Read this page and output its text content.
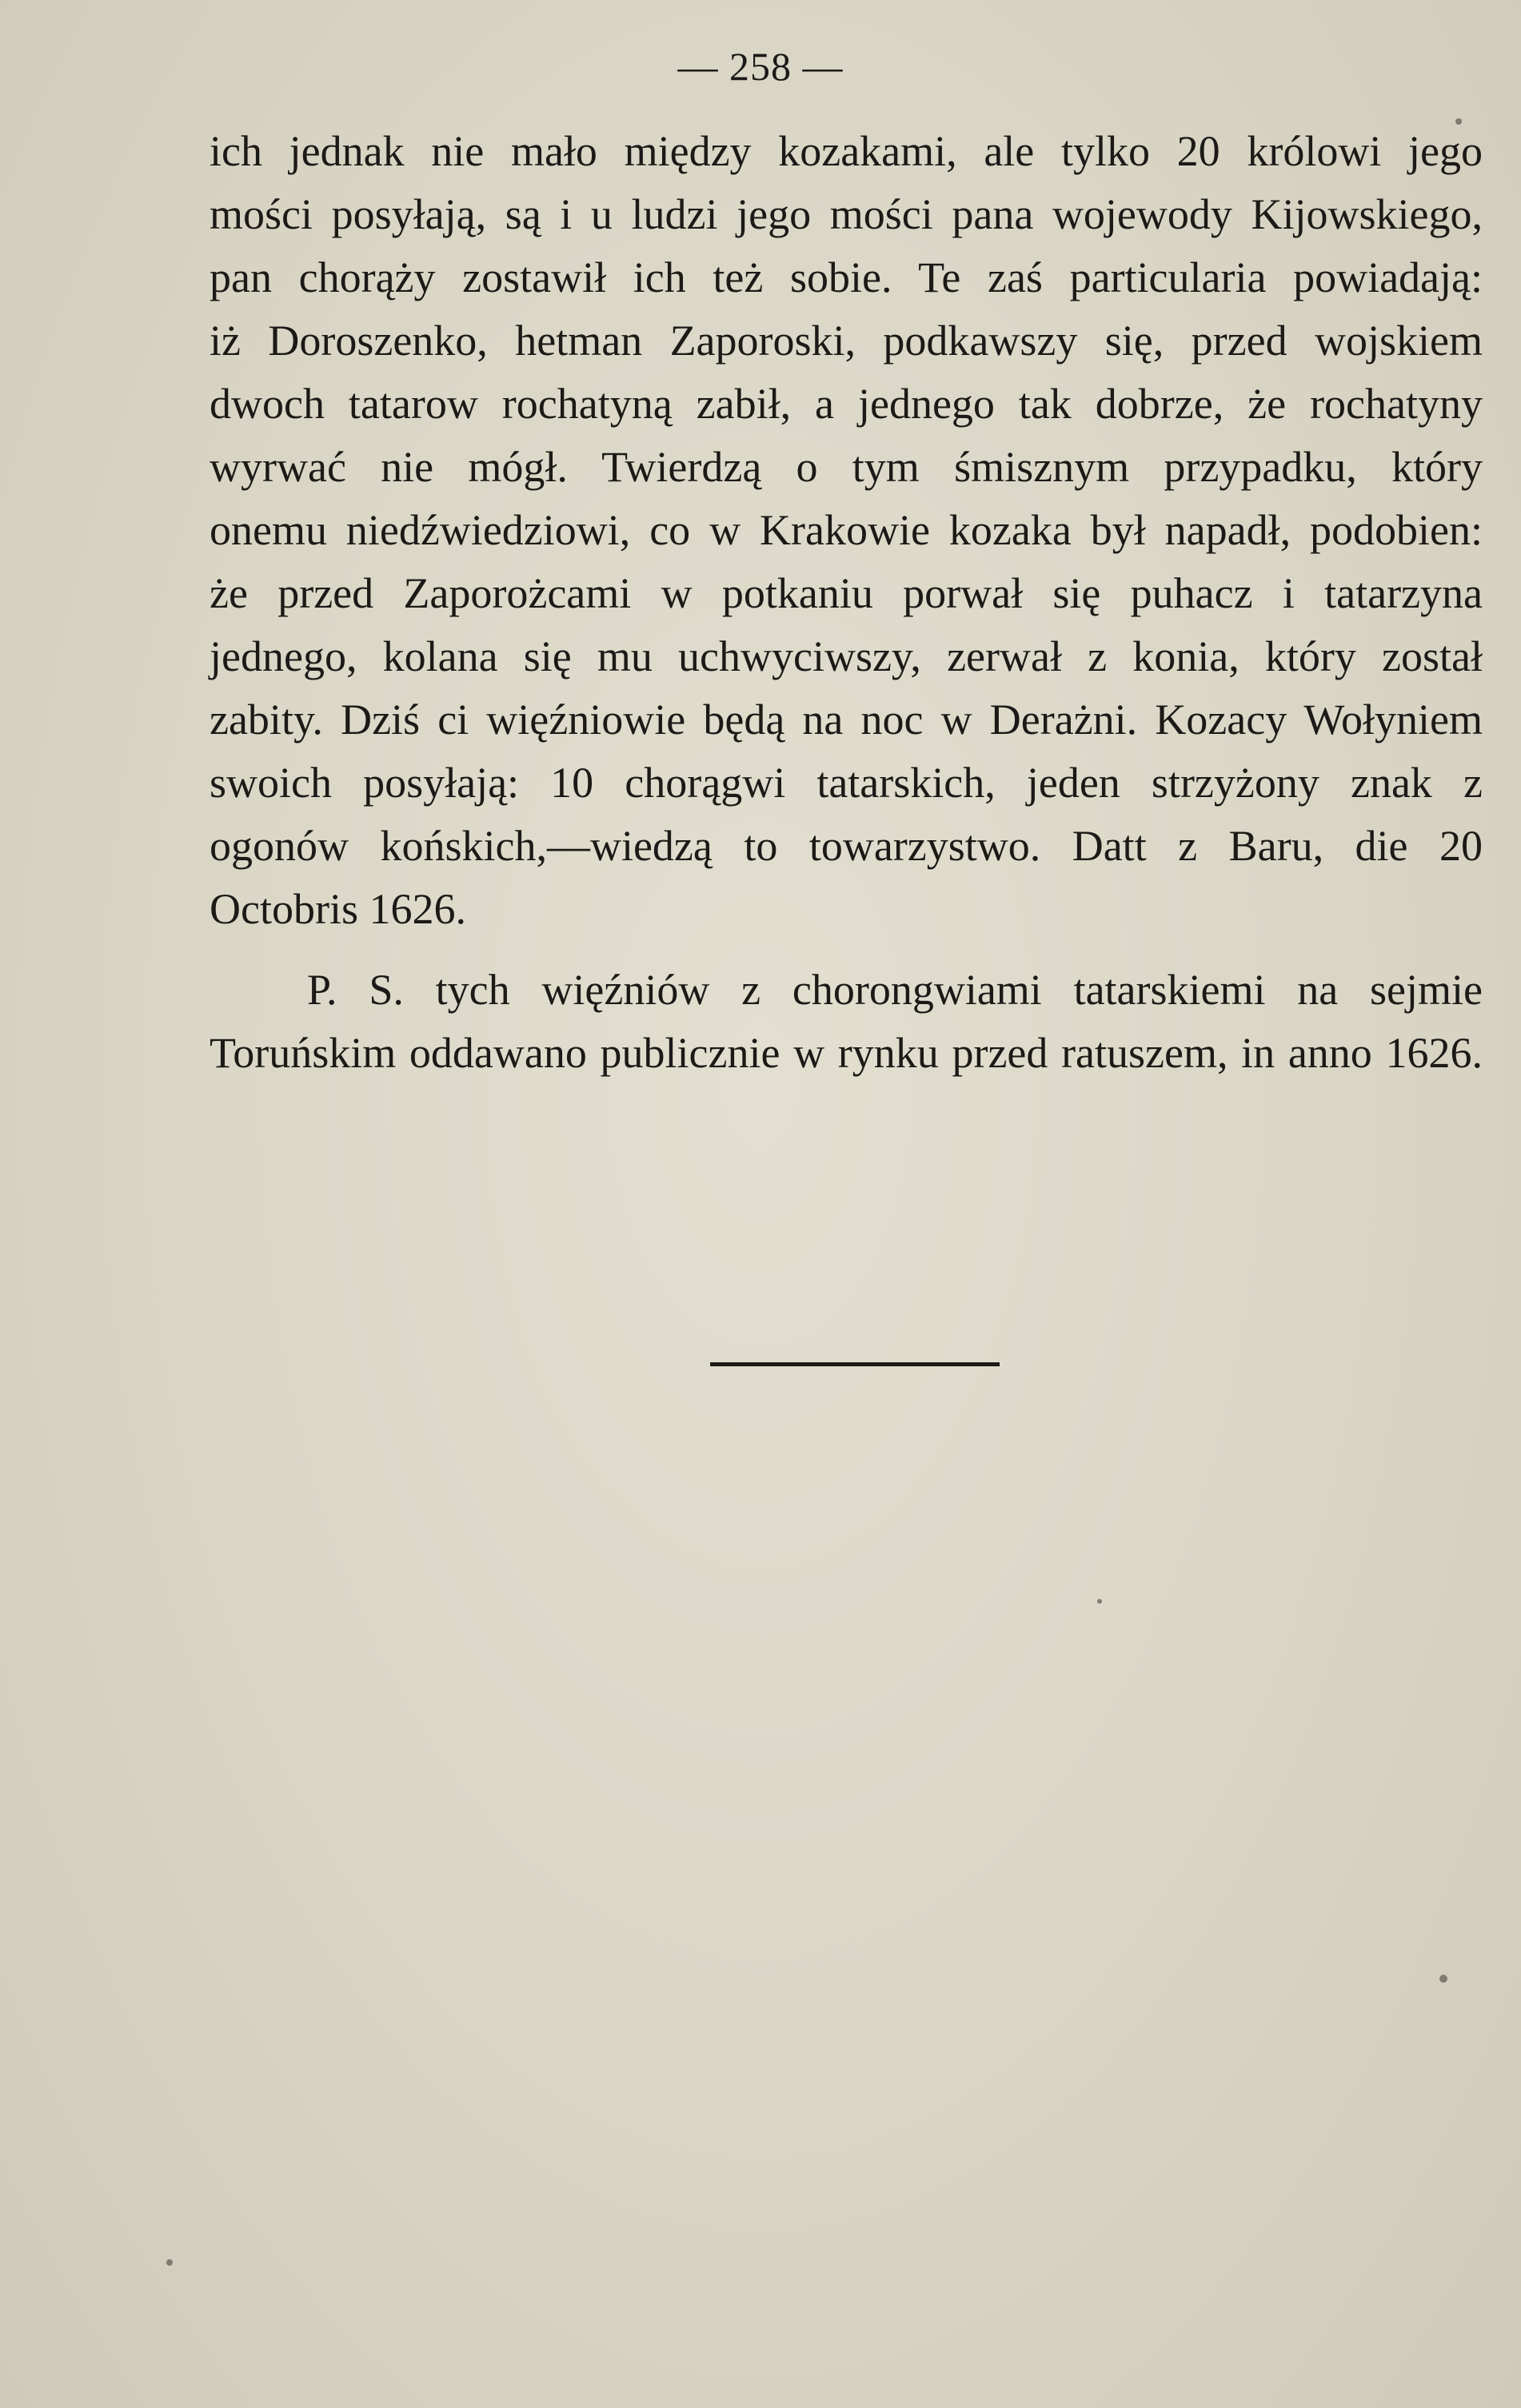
— 258 —
ich jednak nie mało między kozakami, ale tylko 20 królowi jego
mości posyłają, są i u ludzi jego mości pana wojewody Kijowskiego,
pan chorąży zostawił ich też sobie. Te zaś particularia powiadają:
iż Doroszenko, hetman Zaporoski, podkawszy się, przed wojskiem
dwoch tatarow rochatyną zabił, a jednego tak dobrze, że rochatyny
wyrwać nie mógł. Twierdzą o tym śmisznym przypadku, który
onemu niedźwiedziowi, co w Krakowie kozaka był napadł, podobien:
że przed Zaporożcami w potkaniu porwał się puhacz i tatarzyna
jednego, kolana się mu uchwyciwszy, zerwał z konia, który został
zabity. Dziś ci więźniowie będą na noc w Derażni. Kozacy Wołyniem
swoich posyłają: 10 chorągwi tatarskich, jeden strzyżony znak z
ogonów końskich,—wiedzą to towarzystwo. Datt z Baru, die 20
Octobris 1626.
P. S. tych więźniów z chorongwiami tatarskiemi na sejmie
Toruńskim oddawano publicznie w rynku przed ratuszem, in anno 1626.
